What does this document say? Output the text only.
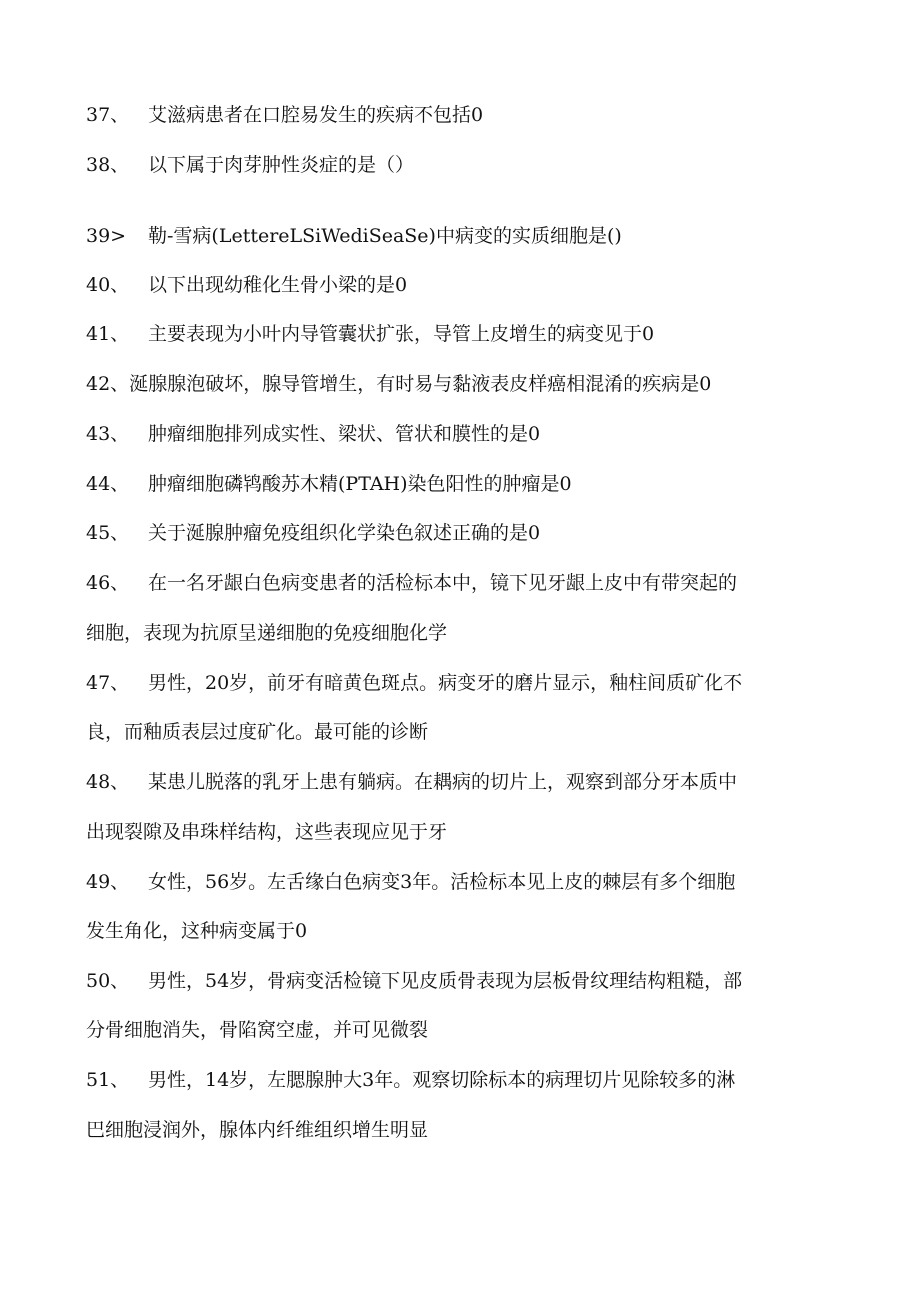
37、 艾滋病患者在口腔易发生的疾病不包括0
38、 以下属于肉芽肿性炎症的是（）
39> 勒-雪病(LettereLSiWediSeaSe)中病变的实质细胞是()
40、 以下出现幼稚化生骨小梁的是0
41、 主要表现为小叶内导管囊状扩张，导管上皮增生的病变见于0
42、涎腺腺泡破坏，腺导管增生，有时易与黏液表皮样癌相混淆的疾病是0
43、 肿瘤细胞排列成实性、梁状、管状和膜性的是0
44、 肿瘤细胞磷鸨酸苏木精(PTAH)染色阳性的肿瘤是0
45、 关于涎腺肿瘤免疫组织化学染色叙述正确的是0
46、 在一名牙龈白色病变患者的活检标本中，镜下见牙龈上皮中有带突起的
细胞，表现为抗原呈递细胞的免疫细胞化学
47、 男性，20岁，前牙有暗黄色斑点。病变牙的磨片显示，釉柱间质矿化不
良，而釉质表层过度矿化。最可能的诊断
48、 某患儿脱落的乳牙上患有躺病。在耦病的切片上，观察到部分牙本质中
出现裂隙及串珠样结构，这些表现应见于牙
49、 女性，56岁。左舌缘白色病变3年。活检标本见上皮的棘层有多个细胞
发生角化，这种病变属于0
50、 男性，54岁，骨病变活检镜下见皮质骨表现为层板骨纹理结构粗糙，部
分骨细胞消失，骨陷窝空虚，并可见微裂
51、 男性，14岁，左腮腺肿大3年。观察切除标本的病理切片见除较多的淋
巴细胞浸润外，腺体内纤维组织增生明显
